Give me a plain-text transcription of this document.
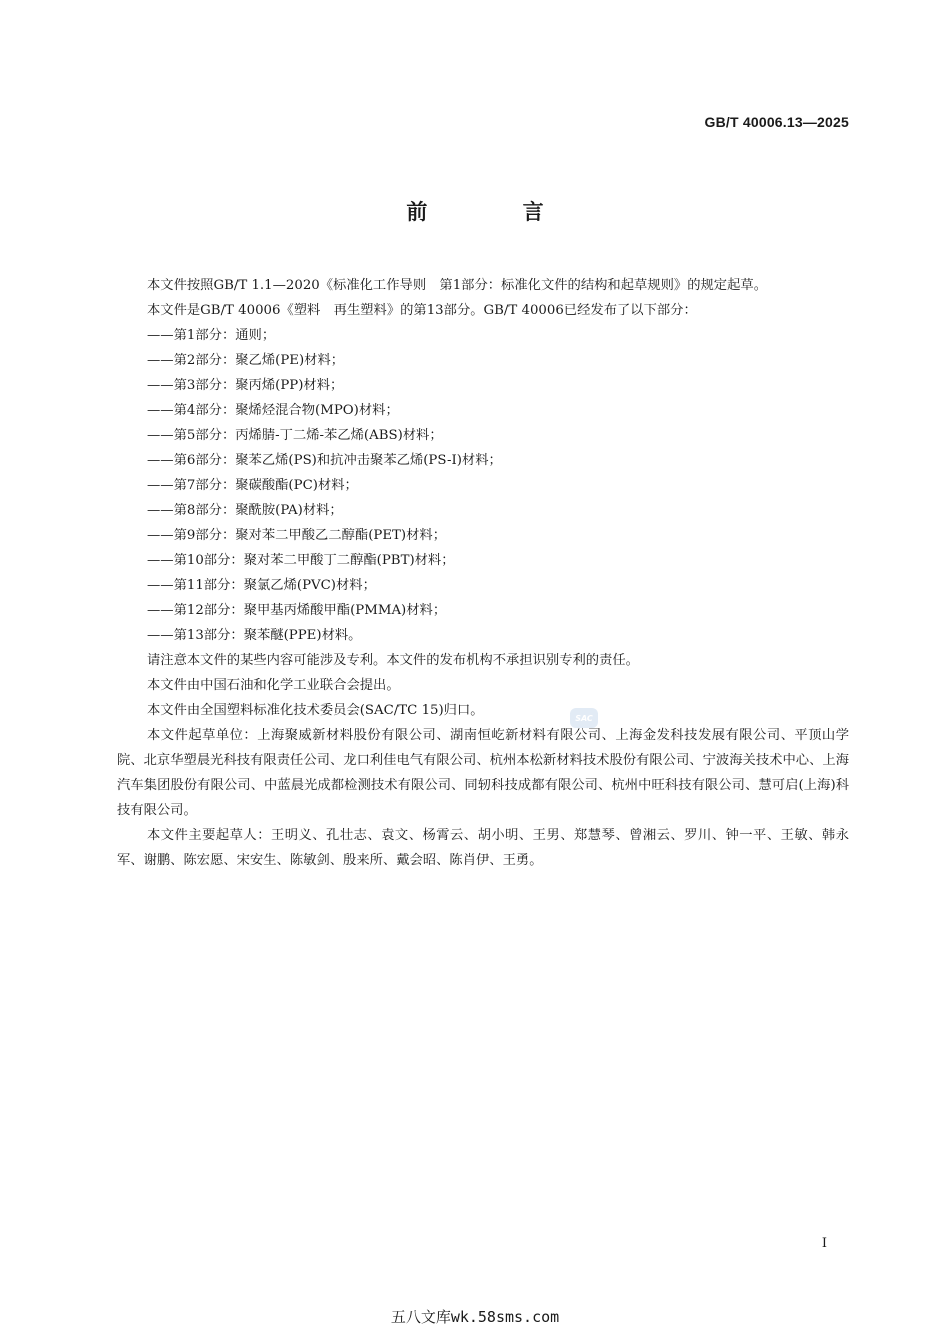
GB/T 40006.13—2025
前 言

本文件按照GB/T 1.1—2020《标准化工作导则　第1部分：标准化文件的结构和起草规则》的规定起草。

本文件是GB/T 40006《塑料　再生塑料》的第13部分。GB/T 40006已经发布了以下部分：

——第1部分：通则；
——第2部分：聚乙烯(PE)材料；
——第3部分：聚丙烯(PP)材料；
——第4部分：聚烯烃混合物(MPO)材料；
——第5部分：丙烯腈-丁二烯-苯乙烯(ABS)材料；
——第6部分：聚苯乙烯(PS)和抗冲击聚苯乙烯(PS-I)材料；
——第7部分：聚碳酸酯(PC)材料；
——第8部分：聚酰胺(PA)材料；
——第9部分：聚对苯二甲酸乙二醇酯(PET)材料；
——第10部分：聚对苯二甲酸丁二醇酯(PBT)材料；
——第11部分：聚氯乙烯(PVC)材料；
——第12部分：聚甲基丙烯酸甲酯(PMMA)材料；
——第13部分：聚苯醚(PPE)材料。

请注意本文件的某些内容可能涉及专利。本文件的发布机构不承担识别专利的责任。

本文件由中国石油和化学工业联合会提出。

本文件由全国塑料标准化技术委员会(SAC/TC 15)归口。

本文件起草单位：上海聚威新材料股份有限公司、湖南恒屹新材料有限公司、上海金发科技发展有限公司、平顶山学院、北京华塑晨光科技有限责任公司、龙口利佳电气有限公司、杭州本松新材料技术股份有限公司、宁波海关技术中心、上海汽车集团股份有限公司、中蓝晨光成都检测技术有限公司、同轫科技成都有限公司、杭州中旺科技有限公司、慧可启(上海)科技有限公司。

本文件主要起草人：王明义、孔壮志、袁文、杨霄云、胡小明、王男、郑慧琴、曾湘云、罗川、钟一平、王敏、韩永军、谢鹏、陈宏愿、宋安生、陈敏剑、殷来所、戴会昭、陈肖伊、王勇。

SAC
I
五八文库wk.58sms.com
